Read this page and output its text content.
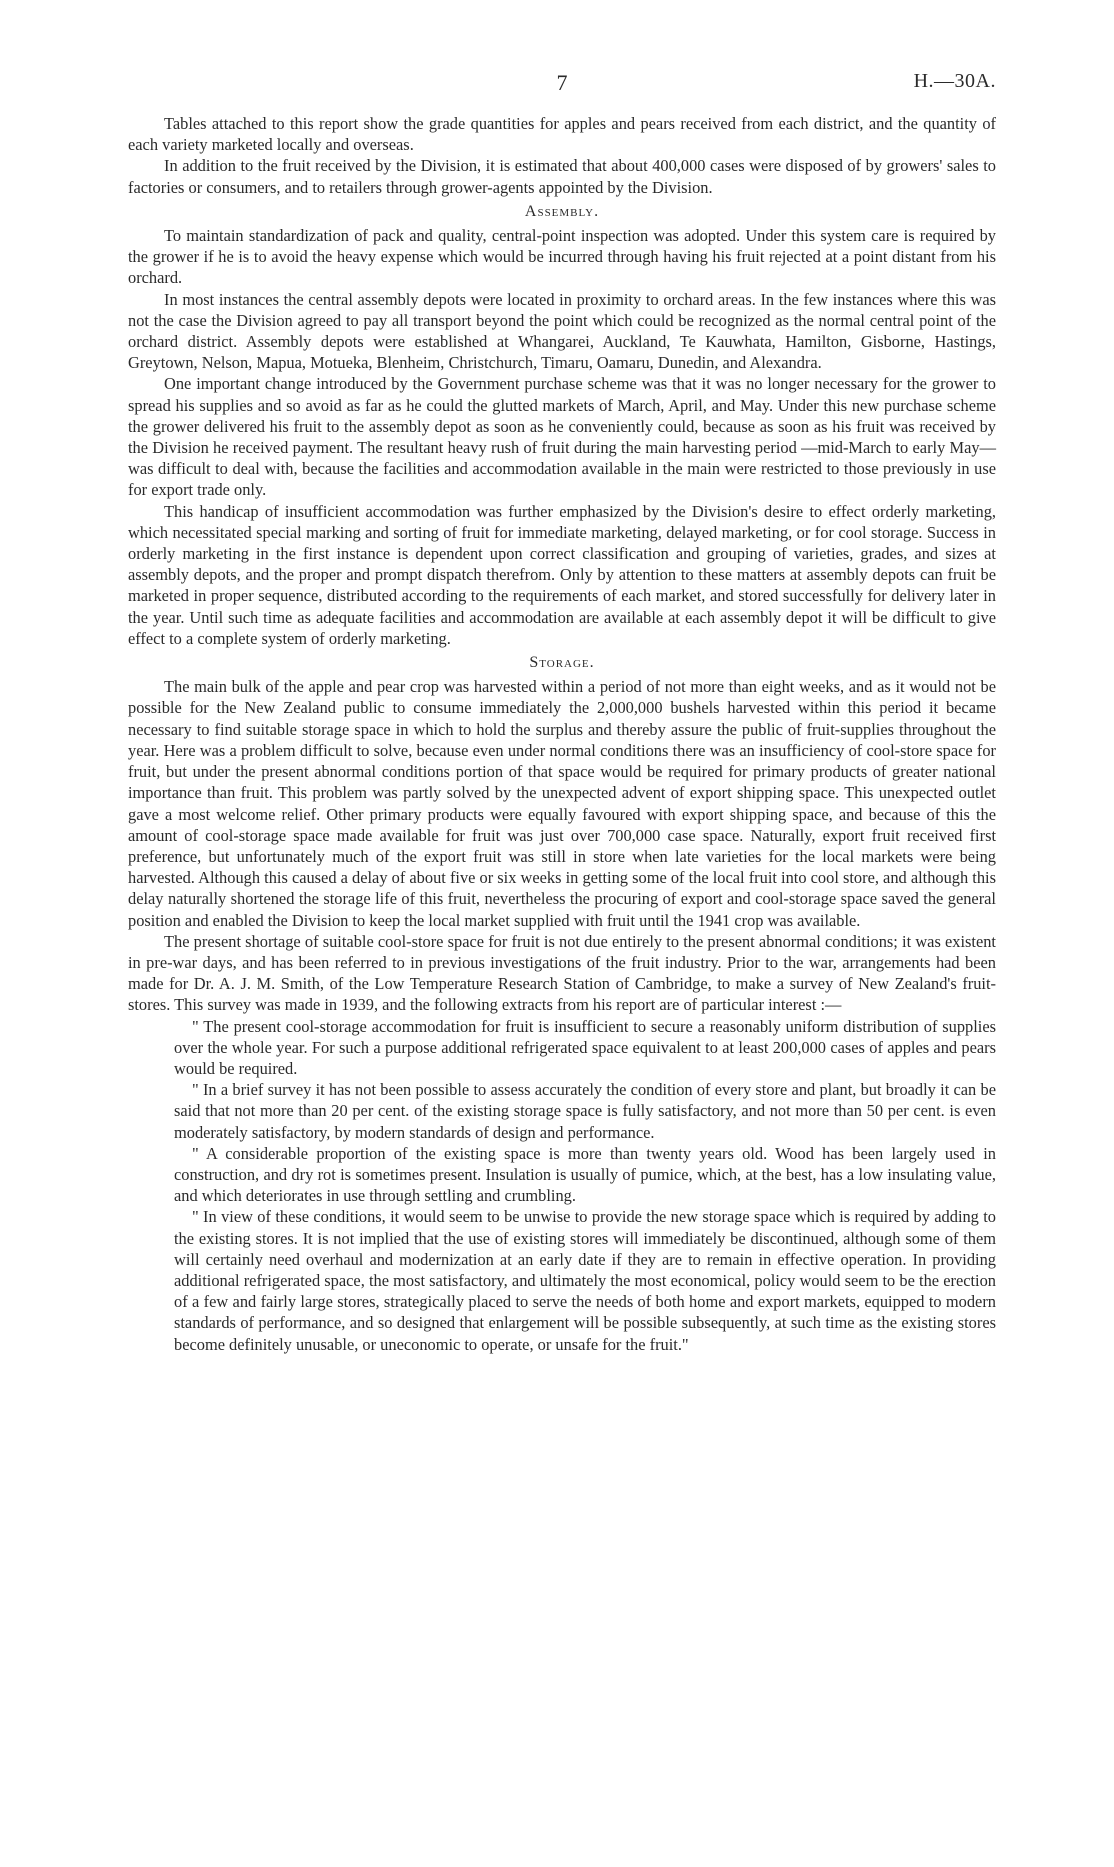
7	H.—30A.

Tables attached to this report show the grade quantities for apples and pears received from each district, and the quantity of each variety marketed locally and overseas.

In addition to the fruit received by the Division, it is estimated that about 400,000 cases were disposed of by growers' sales to factories or consumers, and to retailers through grower-agents appointed by the Division.

Assembly.

To maintain standardization of pack and quality, central-point inspection was adopted. Under this system care is required by the grower if he is to avoid the heavy expense which would be incurred through having his fruit rejected at a point distant from his orchard.

In most instances the central assembly depots were located in proximity to orchard areas. In the few instances where this was not the case the Division agreed to pay all transport beyond the point which could be recognized as the normal central point of the orchard district. Assembly depots were established at Whangarei, Auckland, Te Kauwhata, Hamilton, Gisborne, Hastings, Greytown, Nelson, Mapua, Motueka, Blenheim, Christchurch, Timaru, Oamaru, Dunedin, and Alexandra.

One important change introduced by the Government purchase scheme was that it was no longer necessary for the grower to spread his supplies and so avoid as far as he could the glutted markets of March, April, and May. Under this new purchase scheme the grower delivered his fruit to the assembly depot as soon as he conveniently could, because as soon as his fruit was received by the Division he received payment. The resultant heavy rush of fruit during the main harvesting period —mid-March to early May—was difficult to deal with, because the facilities and accommodation available in the main were restricted to those previously in use for export trade only.

This handicap of insufficient accommodation was further emphasized by the Division's desire to effect orderly marketing, which necessitated special marking and sorting of fruit for immediate marketing, delayed marketing, or for cool storage. Success in orderly marketing in the first instance is dependent upon correct classification and grouping of varieties, grades, and sizes at assembly depots, and the proper and prompt dispatch therefrom. Only by attention to these matters at assembly depots can fruit be marketed in proper sequence, distributed according to the requirements of each market, and stored successfully for delivery later in the year. Until such time as adequate facilities and accommodation are available at each assembly depot it will be difficult to give effect to a complete system of orderly marketing.

Storage.

The main bulk of the apple and pear crop was harvested within a period of not more than eight weeks, and as it would not be possible for the New Zealand public to consume immediately the 2,000,000 bushels harvested within this period it became necessary to find suitable storage space in which to hold the surplus and thereby assure the public of fruit-supplies throughout the year. Here was a problem difficult to solve, because even under normal conditions there was an insufficiency of cool-store space for fruit, but under the present abnormal conditions portion of that space would be required for primary products of greater national importance than fruit. This problem was partly solved by the unexpected advent of export shipping space. This unexpected outlet gave a most welcome relief. Other primary products were equally favoured with export shipping space, and because of this the amount of cool-storage space made available for fruit was just over 700,000 case space. Naturally, export fruit received first preference, but unfortunately much of the export fruit was still in store when late varieties for the local markets were being harvested. Although this caused a delay of about five or six weeks in getting some of the local fruit into cool store, and although this delay naturally shortened the storage life of this fruit, nevertheless the procuring of export and cool-storage space saved the general position and enabled the Division to keep the local market supplied with fruit until the 1941 crop was available.

The present shortage of suitable cool-store space for fruit is not due entirely to the present abnormal conditions; it was existent in pre-war days, and has been referred to in previous investigations of the fruit industry. Prior to the war, arrangements had been made for Dr. A. J. M. Smith, of the Low Temperature Research Station of Cambridge, to make a survey of New Zealand's fruit-stores. This survey was made in 1939, and the following extracts from his report are of particular interest :—

" The present cool-storage accommodation for fruit is insufficient to secure a reasonably uniform distribution of supplies over the whole year. For such a purpose additional refrigerated space equivalent to at least 200,000 cases of apples and pears would be required.

" In a brief survey it has not been possible to assess accurately the condition of every store and plant, but broadly it can be said that not more than 20 per cent. of the existing storage space is fully satisfactory, and not more than 50 per cent. is even moderately satisfactory, by modern standards of design and performance.

" A considerable proportion of the existing space is more than twenty years old. Wood has been largely used in construction, and dry rot is sometimes present. Insulation is usually of pumice, which, at the best, has a low insulating value, and which deteriorates in use through settling and crumbling.

" In view of these conditions, it would seem to be unwise to provide the new storage space which is required by adding to the existing stores. It is not implied that the use of existing stores will immediately be discontinued, although some of them will certainly need overhaul and modernization at an early date if they are to remain in effective operation. In providing additional refrigerated space, the most satisfactory, and ultimately the most economical, policy would seem to be the erection of a few and fairly large stores, strategically placed to serve the needs of both home and export markets, equipped to modern standards of performance, and so designed that enlargement will be possible subsequently, at such time as the existing stores become definitely unusable, or uneconomic to operate, or unsafe for the fruit."
